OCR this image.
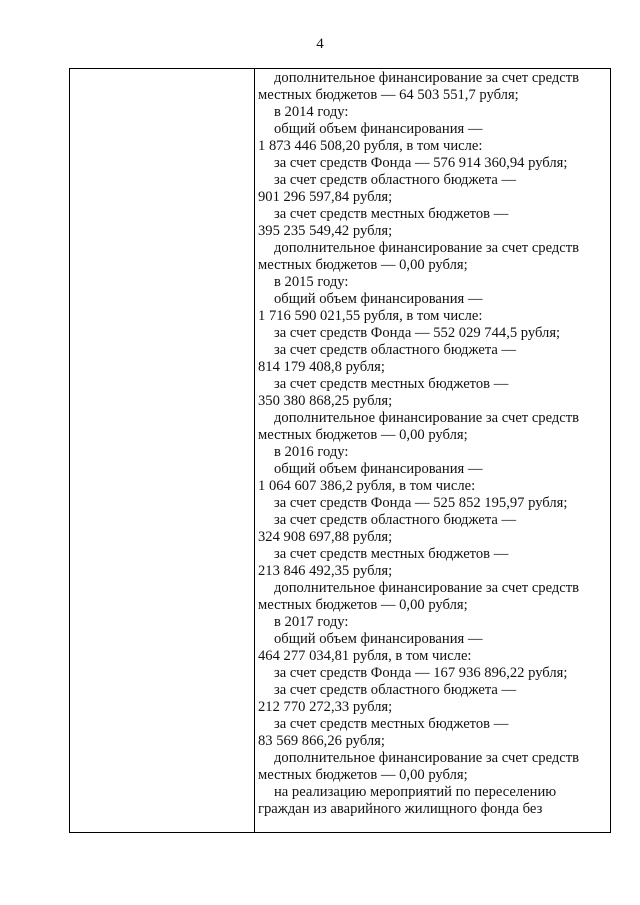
4
дополнительное финансирование за счет средств
местных бюджетов — 64 503 551,7 рубля;
в 2014 году:
общий объем финансирования —
1 873 446 508,20 рубля, в том числе:
за счет средств Фонда — 576 914 360,94 рубля;
за счет средств областного бюджета —
901 296 597,84 рубля;
за счет средств местных бюджетов —
395 235 549,42 рубля;
дополнительное финансирование за счет средств
местных бюджетов — 0,00 рубля;
в 2015 году:
общий объем финансирования —
1 716 590 021,55 рубля, в том числе:
за счет средств Фонда — 552 029 744,5 рубля;
за счет средств областного бюджета —
814 179 408,8 рубля;
за счет средств местных бюджетов —
350 380 868,25 рубля;
дополнительное финансирование за счет средств
местных бюджетов — 0,00 рубля;
в 2016 году:
общий объем финансирования —
1 064 607 386,2 рубля, в том числе:
за счет средств Фонда — 525 852 195,97 рубля;
за счет средств областного бюджета —
324 908 697,88 рубля;
за счет средств местных бюджетов —
213 846 492,35 рубля;
дополнительное финансирование за счет средств
местных бюджетов — 0,00 рубля;
в 2017 году:
общий объем финансирования —
464 277 034,81 рубля, в том числе:
за счет средств Фонда — 167 936 896,22 рубля;
за счет средств областного бюджета —
212 770 272,33 рубля;
за счет средств местных бюджетов —
83 569 866,26 рубля;
дополнительное финансирование за счет средств
местных бюджетов — 0,00 рубля;
на реализацию мероприятий по переселению
граждан из аварийного жилищного фонда без
